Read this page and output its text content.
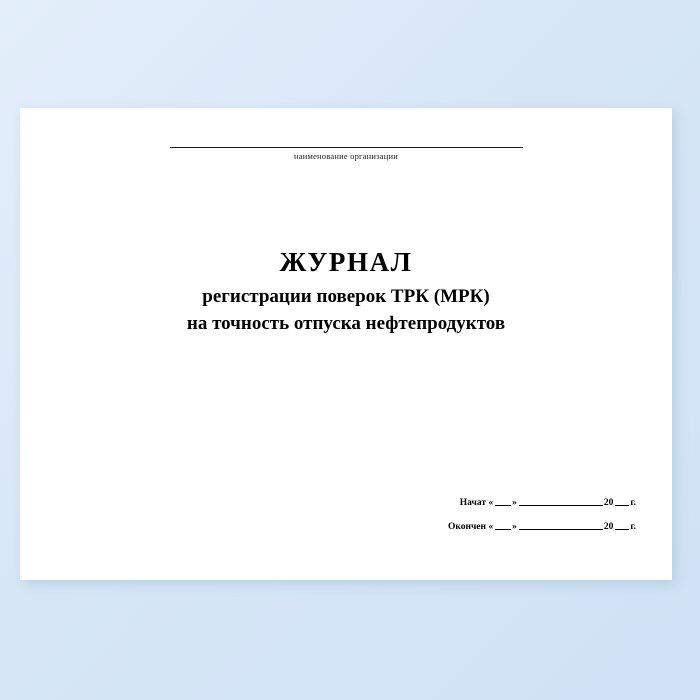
наименование организации
ЖУРНАЛ
регистрации поверок ТРК (МРК)
на точность отпуска нефтепродуктов
Начат « »	20 г.
Окончен « »	20 г.
